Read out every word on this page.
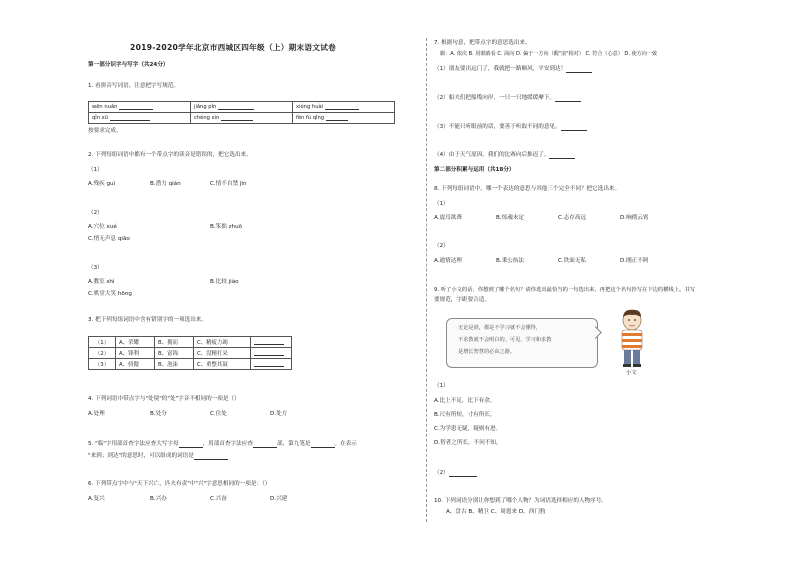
2019-2020学年北京市西城区四年级（上）期末语文试卷
第一部分识字与写字（共24分）
1. 看拼音写词语，注意把字写规范。
wēn nuǎn	jiǎng pǐn	xióng huài
qǐn xū	chéng xìn	fēn fù qǐng
按要求完成。
2. 下列每组词语中都有一个带点字的读音是错误的，把它选出来。
（1）
A.残疾 guì	B.潜力 qián	C.情不自禁 jīn
（2）
A.穴位 xué	B.笨拙 zhuō
C.悄无声息 qiāo
（3）
A.教室 shì	B.比较 jiào
C.哄堂大笑 hōng
3. 把下列每组词语中含有错别字的一项选出来。
（1）	A、荣耀	B、拥而	C、精疲力竭	
（2）	A、锋利	B、富锦	C、没精打采	
（3）	A、骄傲	B、泡沫	C、重整其鼓	
4. 下列词语中带点字与"处境"的"处"字音不相同的一项是（）
A.处理	B.处分	C.住处	D.处方
5. "临"字用部首查字法应查大写字母	，用部首查字法应查	部，第九笔是	。在表示
"来到；到达"的意思时，可以组成的词语是
6. 下列带点字中与"天下兴亡，匹夫有责"中"兴"字意思相同的一项是：（）
A.复兴	B.兴办	C.兴奋	D.兴建
7. 根据句意，把带点字的意思选出来。
願：A. 依次 B. 用眼睛看 C. 面向 D. 偏于一方向（醒"浪"相对） C. 符合（心意） D. 使方向一致
（1）朋友要出远门了，我就把一路顺风，平安到达！
（2）船夫们把船缆向岸，一只一只地缓缓摩下。
（3）不能只听眼前的话，要善于听取不同的意见。
（4）由于天气原因，我们的比赛向后推迟了。
第二部分积累与运用（共18分）
8. 下列每组词语中，哪一个表达的意思与其他三个完全不同？把它选出来。
（1）
A.震耳欲聋	B.惊魂未定	C.志存高远	D.响彻云霄
（2）
A.通情达理	B.秉公执法	C.铁面无私	D.刚正不阿
9. 听了小文的话，你想到了哪个名句？请你选出最恰当的一句选出来，再把这个名句抄写在下边的横线上。书写
要规范，字距要合适。
无论是谁，都是不学习就不会懂得，
不求教就不会明白的。可见，学习和求教
是增长智慧的必由之路。
小文
（1）
A.比上不足，比下有余。
B.尺有所短，寸有所长。
C.为学患无疑，疑则有进。
D.智者之所长，不问不知。
（2）
10. 下列词语分别让你想到了哪个人物？为词语选择相应的人物序号。
A、盘古 B、精卫 C、周恩来 D、西门豹
